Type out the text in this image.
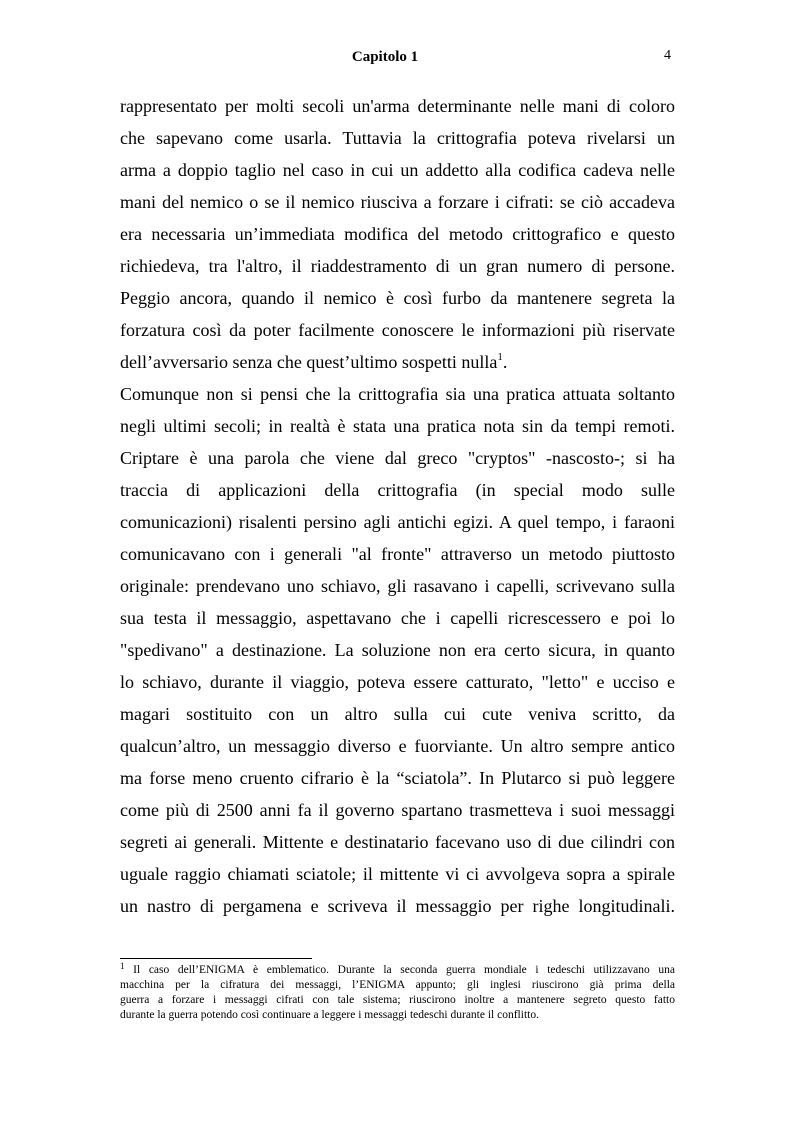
Capitolo 1	4
rappresentato per molti secoli un'arma determinante nelle mani di coloro
che sapevano come usarla. Tuttavia la crittografia poteva rivelarsi un
arma a doppio taglio nel caso in cui un addetto alla codifica cadeva nelle
mani del nemico o se il nemico riusciva a forzare i cifrati: se ciò accadeva
era necessaria un’immediata modifica del metodo crittografico e questo
richiedeva, tra l'altro, il riaddestramento di un gran numero di persone.
Peggio ancora, quando il nemico è così furbo da mantenere segreta la
forzatura così da poter facilmente conoscere le informazioni più riservate
dell’avversario senza che quest’ultimo sospetti nulla$^1$.
Comunque non si pensi che la crittografia sia una pratica attuata soltanto
negli ultimi secoli; in realtà è stata una pratica nota sin da tempi remoti.
Criptare è una parola che viene dal greco "cryptos" -nascosto-; si ha
traccia di applicazioni della crittografia (in special modo sulle
comunicazioni) risalenti persino agli antichi egizi. A quel tempo, i faraoni
comunicavano con i generali "al fronte" attraverso un metodo piuttosto
originale: prendevano uno schiavo, gli rasavano i capelli, scrivevano sulla
sua testa il messaggio, aspettavano che i capelli ricrescessero e poi lo
"spedivano" a destinazione. La soluzione non era certo sicura, in quanto
lo schiavo, durante il viaggio, poteva essere catturato, "letto" e ucciso e
magari sostituito con un altro sulla cui cute veniva scritto, da
qualcun’altro, un messaggio diverso e fuorviante. Un altro sempre antico
ma forse meno cruento cifrario è la “sciatola”. In Plutarco si può leggere
come più di 2500 anni fa il governo spartano trasmetteva i suoi messaggi
segreti ai generali. Mittente e destinatario facevano uso di due cilindri con
uguale raggio chiamati sciatole; il mittente vi ci avvolgeva sopra a spirale
un nastro di pergamena e scriveva il messaggio per righe longitudinali.
$^1$ Il caso dell’ENIGMA è emblematico. Durante la seconda guerra mondiale i tedeschi utilizzavano una
macchina per la cifratura dei messaggi, l’ENIGMA appunto; gli inglesi riuscirono già prima della
guerra a forzare i messaggi cifrati con tale sistema; riuscirono inoltre a mantenere segreto questo fatto
durante la guerra potendo così continuare a leggere i messaggi tedeschi durante il conflitto.
